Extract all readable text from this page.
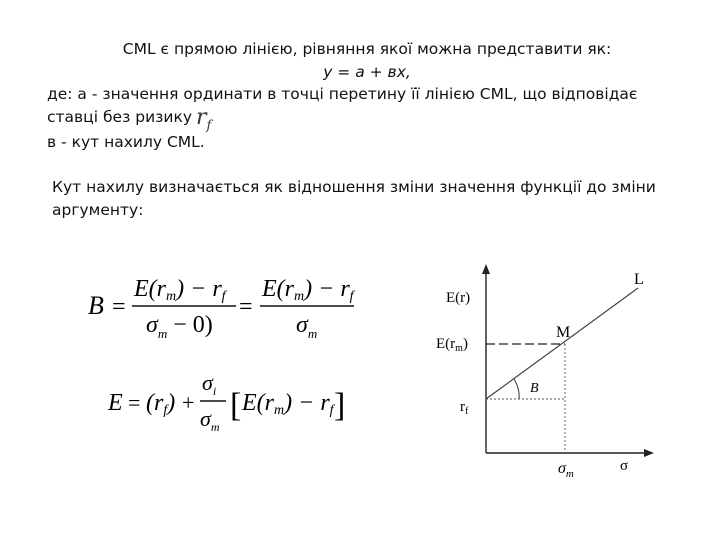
CML є прямою лінією, рівняння якої можна представити як:
у = а + вх,
де: а - значення ординати в точці перетину її лінією CML, що відповідає
ставці без ризику $r_f$
в - кут нахилу CML.
Кут нахилу визначається як відношення зміни значення функції до зміни
аргументу:
B =
E(rm) − rf
$\sigma_m - 0$)
=
E(rm) − rf
$\sigma_m$
E = (rf) +
$\sigma_i$
$\sigma_m$
[ E(rm) − rf ]
E(r)
$E(r_m)$
$r_f$
L
M
B
$\sigma_m$	σ
